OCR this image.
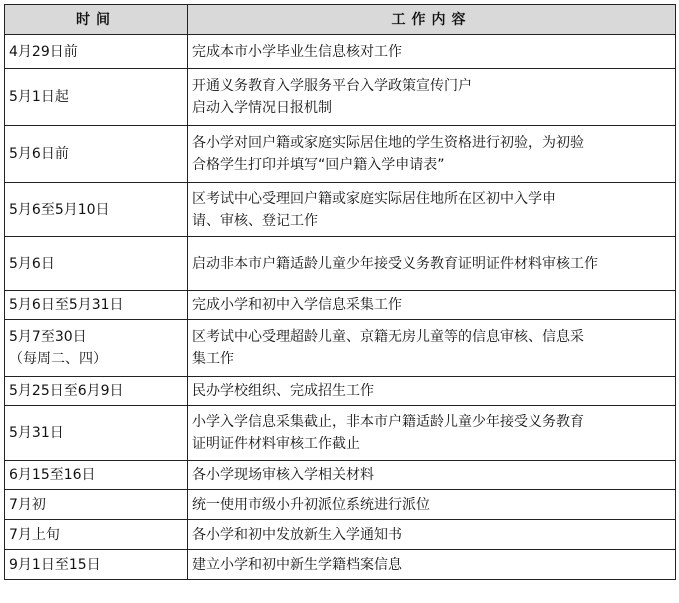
时间	工作内容

4月29日前	完成本市小学毕业生信息核对工作

5月1日起	开通义务教育入学服务平台入学政策宣传门户
启动入学情况日报机制

5月6日前	各小学对回户籍或家庭实际居住地的学生资格进行初验，为初验
合格学生打印并填写“回户籍入学申请表”

5月6至5月10日	区考试中心受理回户籍或家庭实际居住地所在区初中入学申
请、审核、登记工作

5月6日	启动非本市户籍适龄儿童少年接受义务教育证明证件材料审核工作

5月6日至5月31日	完成小学和初中入学信息采集工作

5月7至30日
（每周二、四）	区考试中心受理超龄儿童、京籍无房儿童等的信息审核、信息采
集工作

5月25日至6月9日	民办学校组织、完成招生工作

5月31日	小学入学信息采集截止，非本市户籍适龄儿童少年接受义务教育
证明证件材料审核工作截止

6月15至16日	各小学现场审核入学相关材料

7月初	统一使用市级小升初派位系统进行派位

7月上旬	各小学和初中发放新生入学通知书

9月1日至15日	建立小学和初中新生学籍档案信息
